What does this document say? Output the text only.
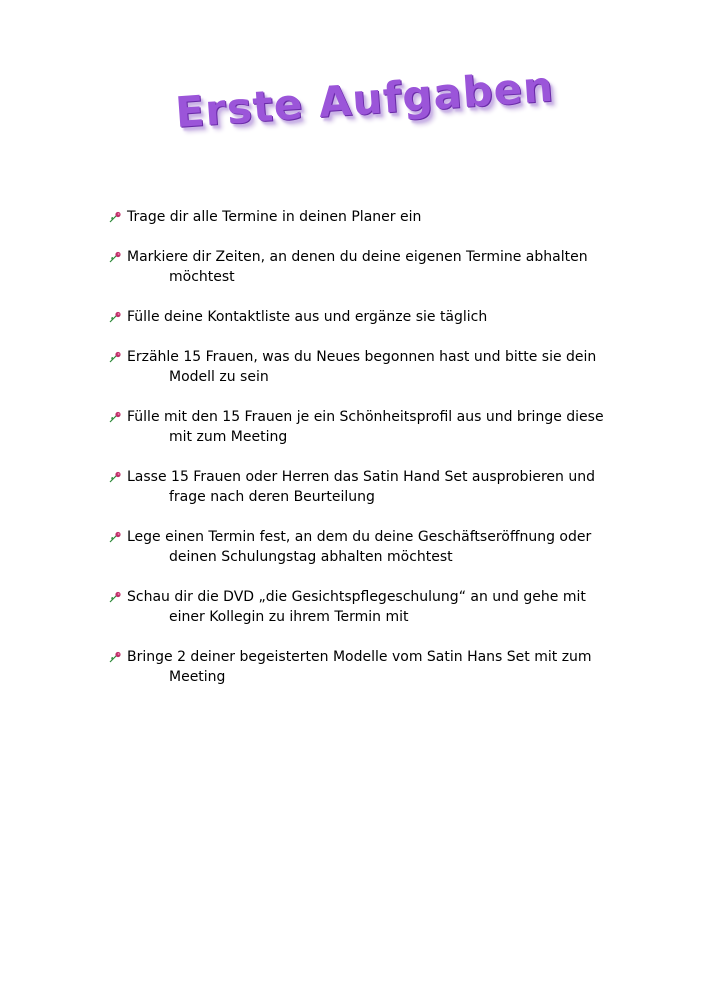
Erste Aufgaben
Trage dir alle Termine in deinen Planer ein
Markiere dir Zeiten, an denen du deine eigenen Termine abhalten
möchtest
Fülle deine Kontaktliste aus und ergänze sie täglich
Erzähle 15 Frauen, was du Neues begonnen hast und bitte sie dein
Modell zu sein
Fülle mit den 15 Frauen je ein Schönheitsprofil aus und bringe diese
mit zum Meeting
Lasse 15 Frauen oder Herren das Satin Hand Set ausprobieren und
frage nach deren Beurteilung
Lege einen Termin fest, an dem du deine Geschäftseröffnung oder
deinen Schulungstag abhalten möchtest
Schau dir die DVD „die Gesichtspflegeschulung“ an und gehe mit
einer Kollegin zu ihrem Termin mit
Bringe 2 deiner begeisterten Modelle vom Satin Hans Set mit zum
Meeting
